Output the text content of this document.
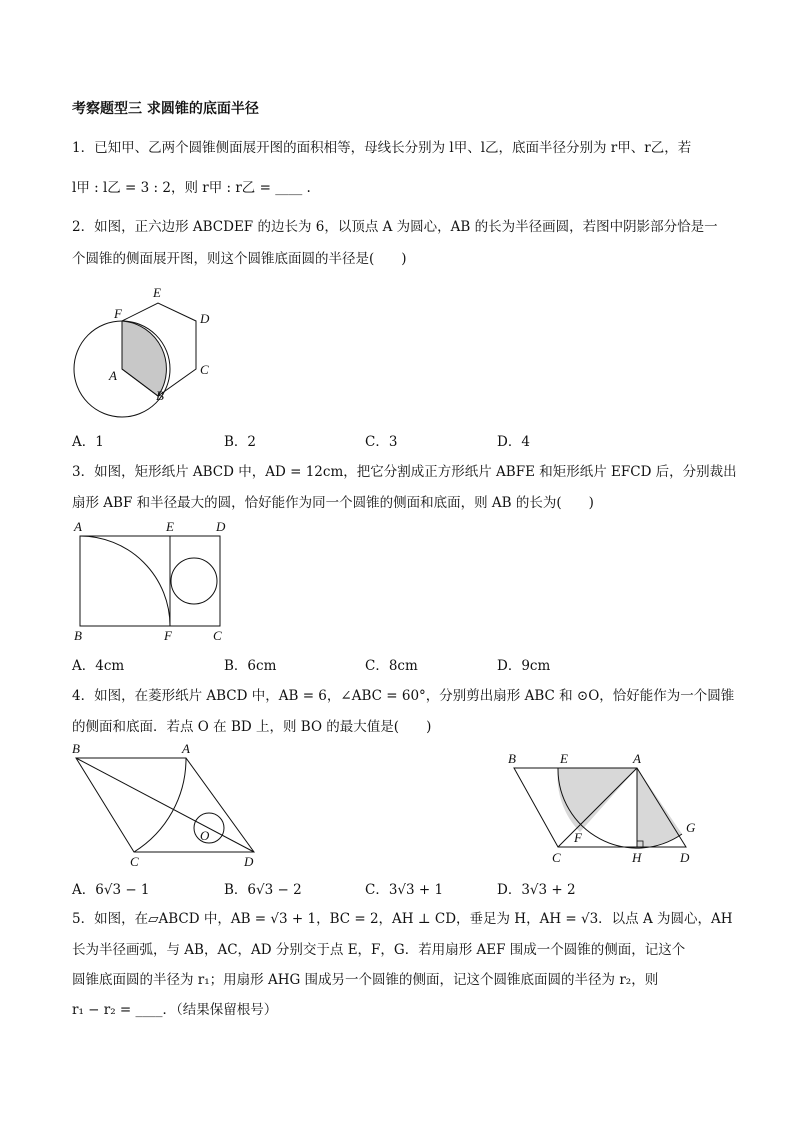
考察题型三 求圆锥的底面半径
1．已知甲、乙两个圆锥侧面展开图的面积相等，母线长分别为 l甲、l乙，底面半径分别为 r甲、r乙，若
l甲 : l乙 = 3 : 2，则 r甲 : r乙 = ____ .
2．如图，正六边形 ABCDEF 的边长为 6，以顶点 A 为圆心，AB 的长为半径画圆，若图中阴影部分恰是一
个圆锥的侧面展开图，则这个圆锥底面圆的半径是(　　)
E
F	D
A	C
B
A．1	B．2	C．3	D．4
3．如图，矩形纸片 ABCD 中，AD = 12cm，把它分割成正方形纸片 ABFE 和矩形纸片 EFCD 后，分别裁出
扇形 ABF 和半径最大的圆，恰好能作为同一个圆锥的侧面和底面，则 AB 的长为(　　)
A	E	D
B	F	C
A．4cm	B．6cm	C．8cm	D．9cm
4．如图，在菱形纸片 ABCD 中，AB = 6，∠ABC = 60°，分别剪出扇形 ABC 和 ⊙O，恰好能作为一个圆锥
的侧面和底面．若点 O 在 BD 上，则 BO 的最大值是(　　)
B	A
O
C	D
B	E	A
F
G
C	H	D
A．6√3 − 1	B．6√3 − 2	C．3√3 + 1	D．3√3 + 2
5．如图，在▱ABCD 中，AB = √3 + 1，BC = 2，AH ⊥ CD，垂足为 H，AH = √3．以点 A 为圆心，AH
长为半径画弧，与 AB，AC，AD 分别交于点 E，F，G．若用扇形 AEF 围成一个圆锥的侧面，记这个
圆锥底面圆的半径为 r₁；用扇形 AHG 围成另一个圆锥的侧面，记这个圆锥底面圆的半径为 r₂，则
r₁ − r₂ = ____．（结果保留根号）
